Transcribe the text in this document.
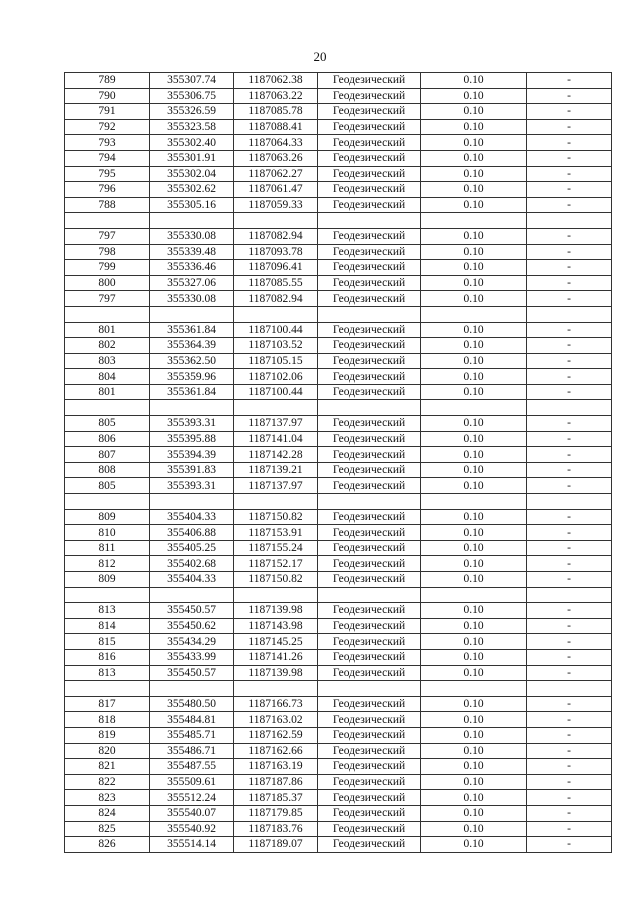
20
789	355307.74	1187062.38	Геодезический	0.10	-
790	355306.75	1187063.22	Геодезический	0.10	-
791	355326.59	1187085.78	Геодезический	0.10	-
792	355323.58	1187088.41	Геодезический	0.10	-
793	355302.40	1187064.33	Геодезический	0.10	-
794	355301.91	1187063.26	Геодезический	0.10	-
795	355302.04	1187062.27	Геодезический	0.10	-
796	355302.62	1187061.47	Геодезический	0.10	-
788	355305.16	1187059.33	Геодезический	0.10	-

797	355330.08	1187082.94	Геодезический	0.10	-
798	355339.48	1187093.78	Геодезический	0.10	-
799	355336.46	1187096.41	Геодезический	0.10	-
800	355327.06	1187085.55	Геодезический	0.10	-
797	355330.08	1187082.94	Геодезический	0.10	-

801	355361.84	1187100.44	Геодезический	0.10	-
802	355364.39	1187103.52	Геодезический	0.10	-
803	355362.50	1187105.15	Геодезический	0.10	-
804	355359.96	1187102.06	Геодезический	0.10	-
801	355361.84	1187100.44	Геодезический	0.10	-

805	355393.31	1187137.97	Геодезический	0.10	-
806	355395.88	1187141.04	Геодезический	0.10	-
807	355394.39	1187142.28	Геодезический	0.10	-
808	355391.83	1187139.21	Геодезический	0.10	-
805	355393.31	1187137.97	Геодезический	0.10	-

809	355404.33	1187150.82	Геодезический	0.10	-
810	355406.88	1187153.91	Геодезический	0.10	-
811	355405.25	1187155.24	Геодезический	0.10	-
812	355402.68	1187152.17	Геодезический	0.10	-
809	355404.33	1187150.82	Геодезический	0.10	-

813	355450.57	1187139.98	Геодезический	0.10	-
814	355450.62	1187143.98	Геодезический	0.10	-
815	355434.29	1187145.25	Геодезический	0.10	-
816	355433.99	1187141.26	Геодезический	0.10	-
813	355450.57	1187139.98	Геодезический	0.10	-

817	355480.50	1187166.73	Геодезический	0.10	-
818	355484.81	1187163.02	Геодезический	0.10	-
819	355485.71	1187162.59	Геодезический	0.10	-
820	355486.71	1187162.66	Геодезический	0.10	-
821	355487.55	1187163.19	Геодезический	0.10	-
822	355509.61	1187187.86	Геодезический	0.10	-
823	355512.24	1187185.37	Геодезический	0.10	-
824	355540.07	1187179.85	Геодезический	0.10	-
825	355540.92	1187183.76	Геодезический	0.10	-
826	355514.14	1187189.07	Геодезический	0.10	-
